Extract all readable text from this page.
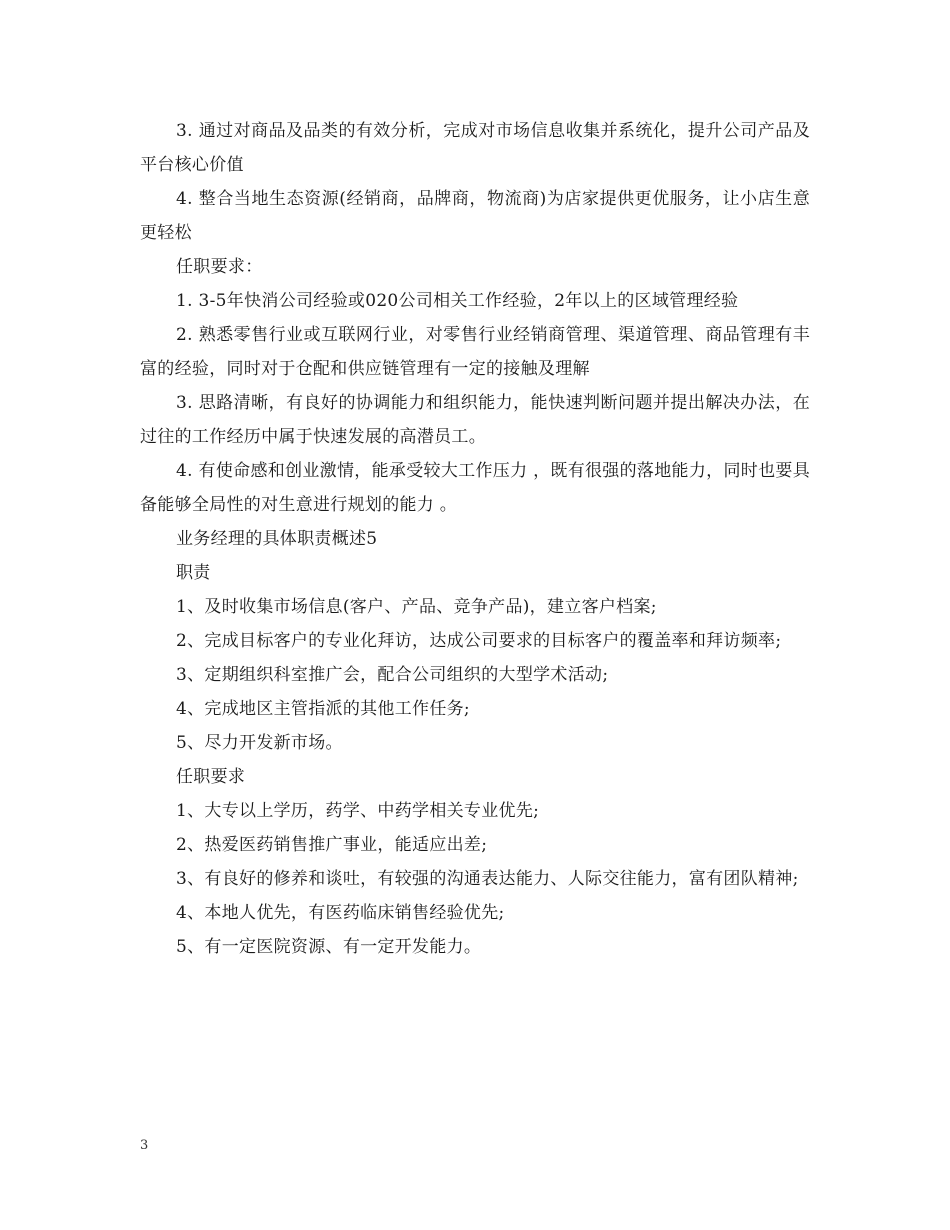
3. 通过对商品及品类的有效分析，完成对市场信息收集并系统化，提升公司产品及平台核心价值

4. 整合当地生态资源(经销商，品牌商，物流商)为店家提供更优服务，让小店生意更轻松

任职要求：

1. 3-5年快消公司经验或020公司相关工作经验，2年以上的区域管理经验

2. 熟悉零售行业或互联网行业，对零售行业经销商管理、渠道管理、商品管理有丰富的经验，同时对于仓配和供应链管理有一定的接触及理解

3. 思路清晰，有良好的协调能力和组织能力，能快速判断问题并提出解决办法，在过往的工作经历中属于快速发展的高潜员工。

4. 有使命感和创业激情，能承受较大工作压力 ，既有很强的落地能力，同时也要具备能够全局性的对生意进行规划的能力 。

业务经理的具体职责概述5

职责

1、及时收集市场信息(客户、产品、竞争产品)，建立客户档案;

2、完成目标客户的专业化拜访，达成公司要求的目标客户的覆盖率和拜访频率;

3、定期组织科室推广会，配合公司组织的大型学术活动;

4、完成地区主管指派的其他工作任务;

5、尽力开发新市场。

任职要求

1、大专以上学历，药学、中药学相关专业优先;

2、热爱医药销售推广事业，能适应出差;

3、有良好的修养和谈吐，有较强的沟通表达能力、人际交往能力，富有团队精神;

4、本地人优先，有医药临床销售经验优先;

5、有一定医院资源、有一定开发能力。

3
